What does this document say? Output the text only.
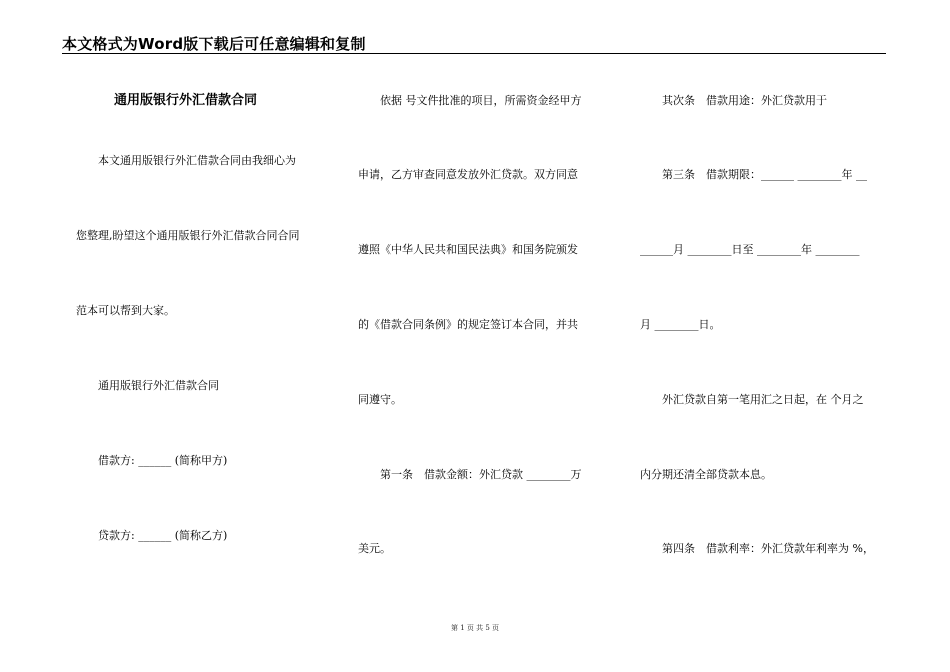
本文格式为Word版下载后可任意编辑和复制
通用版银行外汇借款合同
　　本文通用版银行外汇借款合同由我细心为
您整理,盼望这个通用版银行外汇借款合同合同
范本可以帮到大家。
　　通用版银行外汇借款合同
　　借款方: ______ (简称甲方)
　　贷款方: ______ (简称乙方)
　　依据 号文件批准的项目，所需资金经甲方
申请，乙方审查同意发放外汇贷款。双方同意
遵照《中华人民共和国民法典》和国务院颁发
的《借款合同条例》的规定签订本合同，并共
同遵守。
　　第一条　借款金额：外汇贷款 ________万
美元。
　　其次条　借款用途：外汇贷款用于
　　第三条　借款期限：______ ________年 __
______月 ________日至 ________年 ________
月 ________日。
　　外汇贷款自第一笔用汇之日起，在 个月之
内分期还清全部贷款本息。
　　第四条　借款利率：外汇贷款年利率为 %，
第 1 页 共 5 页
